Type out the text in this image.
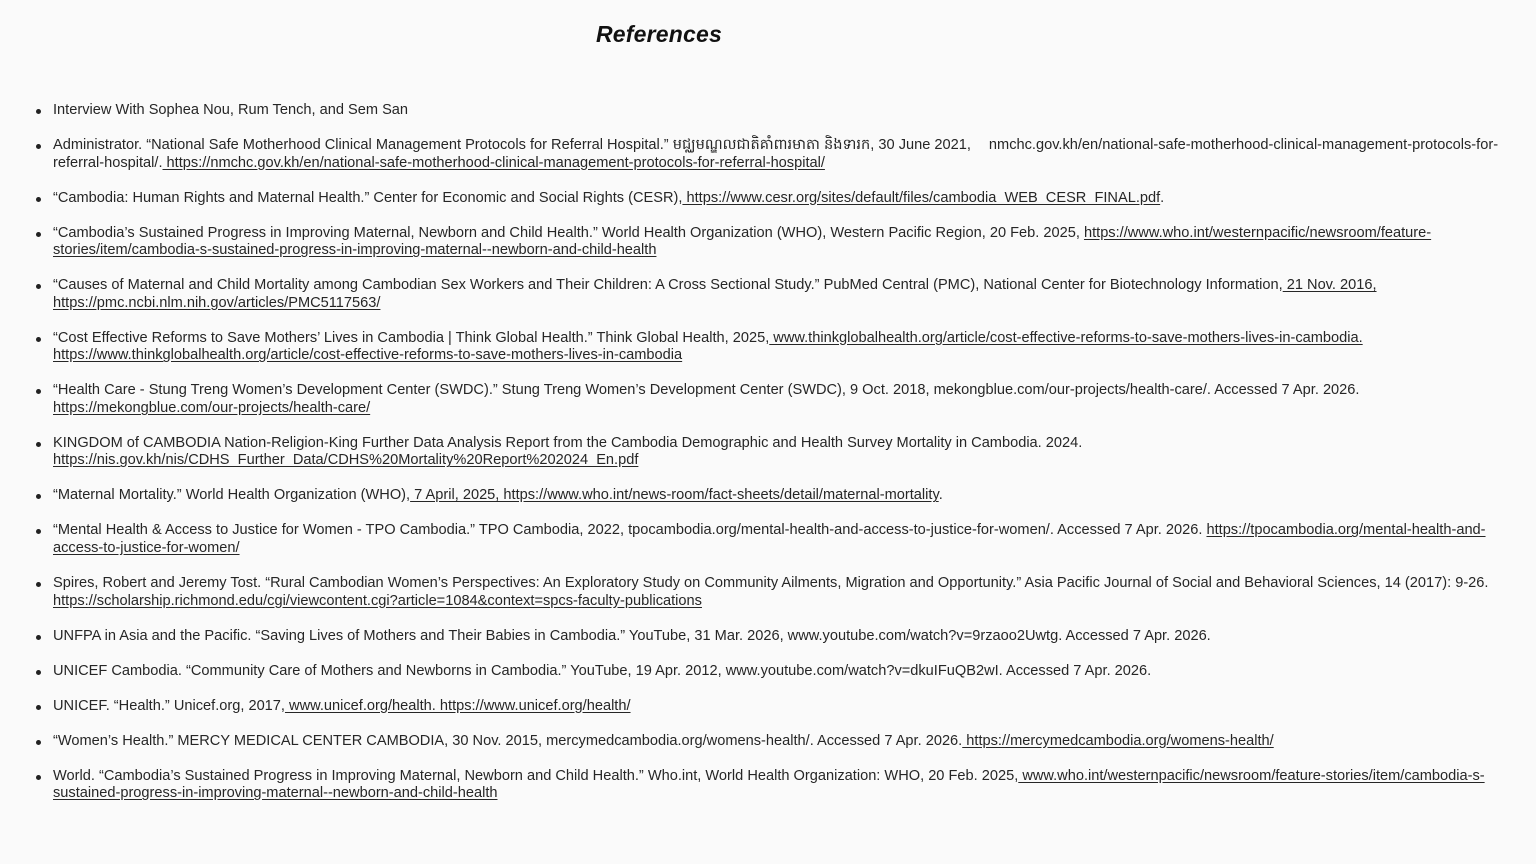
References
Interview With Sophea Nou, Rum Tench, and Sem San
Administrator. “National Safe Motherhood Clinical Management Protocols for Referral Hospital.” មជ្ឈមណ្ឌលជាតិគាំពារមាតា និងទារក, 30 June 2021, nmchc.gov.kh/en/national-safe-motherhood-clinical-management-protocols-for-referral-hospital/. https://nmchc.gov.kh/en/national-safe-motherhood-clinical-management-protocols-for-referral-hospital/
“Cambodia: Human Rights and Maternal Health.” Center for Economic and Social Rights (CESR), https://www.cesr.org/sites/default/files/cambodia_WEB_CESR_FINAL.pdf.
“Cambodia’s Sustained Progress in Improving Maternal, Newborn and Child Health.” World Health Organization (WHO), Western Pacific Region, 20 Feb. 2025, https://www.who.int/westernpacific/newsroom/feature-stories/item/cambodia-s-sustained-progress-in-improving-maternal--newborn-and-child-health
“Causes of Maternal and Child Mortality among Cambodian Sex Workers and Their Children: A Cross Sectional Study.” PubMed Central (PMC), National Center for Biotechnology Information, 21 Nov. 2016, https://pmc.ncbi.nlm.nih.gov/articles/PMC5117563/
“Cost Effective Reforms to Save Mothers’ Lives in Cambodia | Think Global Health.” Think Global Health, 2025, www.thinkglobalhealth.org/article/cost-effective-reforms-to-save-mothers-lives-in-cambodia. https://www.thinkglobalhealth.org/article/cost-effective-reforms-to-save-mothers-lives-in-cambodia
“Health Care - Stung Treng Women’s Development Center (SWDC).” Stung Treng Women’s Development Center (SWDC), 9 Oct. 2018, mekongblue.com/our-projects/health-care/. Accessed 7 Apr. 2026. https://mekongblue.com/our-projects/health-care/
KINGDOM of CAMBODIA Nation-Religion-King Further Data Analysis Report from the Cambodia Demographic and Health Survey Mortality in Cambodia. 2024. https://nis.gov.kh/nis/CDHS_Further_Data/CDHS%20Mortality%20Report%202024_En.pdf
“Maternal Mortality.” World Health Organization (WHO), 7 April, 2025, https://www.who.int/news-room/fact-sheets/detail/maternal-mortality.
“Mental Health & Access to Justice for Women - TPO Cambodia.” TPO Cambodia, 2022, tpocambodia.org/mental-health-and-access-to-justice-for-women/. Accessed 7 Apr. 2026. https://tpocambodia.org/mental-health-and-access-to-justice-for-women/
Spires, Robert and Jeremy Tost. “Rural Cambodian Women’s Perspectives: An Exploratory Study on Community Ailments, Migration and Opportunity.” Asia Pacific Journal of Social and Behavioral Sciences, 14 (2017): 9-26. https://scholarship.richmond.edu/cgi/viewcontent.cgi?article=1084&context=spcs-faculty-publications
UNFPA in Asia and the Pacific. “Saving Lives of Mothers and Their Babies in Cambodia.” YouTube, 31 Mar. 2026, www.youtube.com/watch?v=9rzaoo2Uwtg. Accessed 7 Apr. 2026.
UNICEF Cambodia. “Community Care of Mothers and Newborns in Cambodia.” YouTube, 19 Apr. 2012, www.youtube.com/watch?v=dkuIFuQB2wI. Accessed 7 Apr. 2026.
UNICEF. “Health.” Unicef.org, 2017, www.unicef.org/health. https://www.unicef.org/health/
“Women’s Health.” MERCY MEDICAL CENTER CAMBODIA, 30 Nov. 2015, mercymedcambodia.org/womens-health/. Accessed 7 Apr. 2026. https://mercymedcambodia.org/womens-health/
World. “Cambodia’s Sustained Progress in Improving Maternal, Newborn and Child Health.” Who.int, World Health Organization: WHO, 20 Feb. 2025, www.who.int/westernpacific/newsroom/feature-stories/item/cambodia-s-sustained-progress-in-improving-maternal--newborn-and-child-health
